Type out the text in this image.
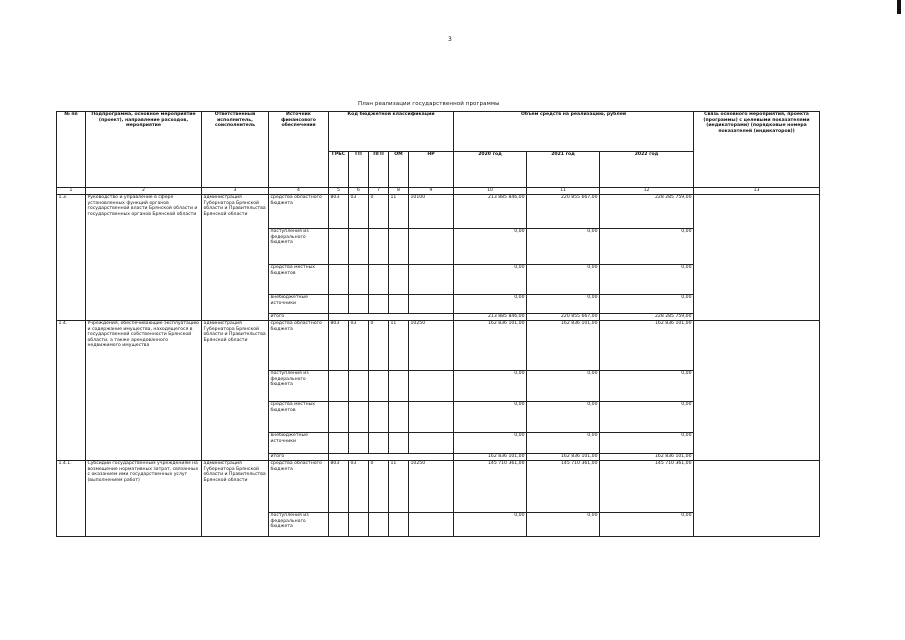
3
План реализации государственной программы
№ пп	Подпрограмма, основное мероприятие (проект), направление расходов, мероприятие	Ответственный исполнитель, соисполнитель	Источник финансового обеспечения	Код бюджетной классификации					Объём средств на реализацию, рублей			Связь основного мероприятия, проекта (программы) с целевыми показателями (индикаторами) (порядковые номера показателей (индикаторов))
				ГРБС	ГП	ПГП	ОМ	НР	2020 год	2021 год	2022 год	
1	2	3	4	5	6	7	8	9	10	11	12	13
1.3.	Руководство и управление в сфере установленных функций органов государственной власти Брянской области и государственных органов Брянской области	администрация Губернатора Брянской области и Правительства Брянской области	средства областного бюджета	803	03	0	11	10100	213 885 846,00	220 855 667,00	228 285 759,00	
			поступления из федерального бюджета						0,00	0,00	0,00	
			средства местных бюджетов						0,00	0,00	0,00	
			внебюджетные источники						0,00	0,00	0,00	
			итого						213 885 846,00	220 855 667,00	228 285 759,00	
1.4.	Учреждения, обеспечивающие эксплуатацию и содержание имущества, находящегося в государственной собственности Брянской области, а также арендованного недвижимого имущества	администрация Губернатора Брянской области и Правительства Брянской области	средства областного бюджета	803	03	0	11	10250	162 836 101,00	162 836 101,00	162 836 101,00	
			поступления из федерального бюджета						0,00	0,00	0,00	
			средства местных бюджетов						0,00	0,00	0,00	
			внебюджетные источники						0,00	0,00	0,00	
			итого						162 836 101,00	162 836 101,00	162 836 101,00	
1.4.1.	Субсидии государственным учреждениям на возмещение нормативных затрат, связанных с оказанием ими государственных услуг (выполнением работ)	администрация Губернатора Брянской области и Правительства Брянской области	средства областного бюджета	803	03	0	11	10250	145 710 361,00	145 710 361,00	145 710 361,00	
			поступления из федерального бюджета						0,00	0,00	0,00	
